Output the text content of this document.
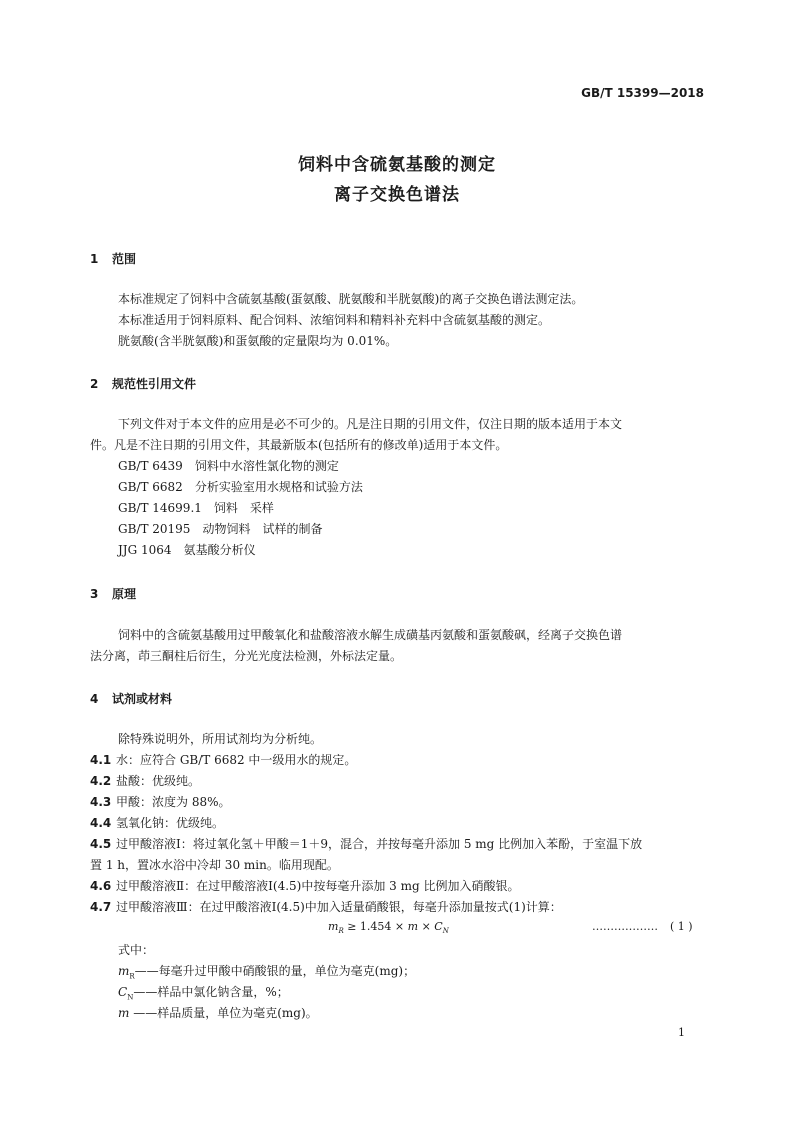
GB/T 15399—2018
饲料中含硫氨基酸的测定
离子交换色谱法
1 范围
本标准规定了饲料中含硫氨基酸(蛋氨酸、胱氨酸和半胱氨酸)的离子交换色谱法测定法。
本标准适用于饲料原料、配合饲料、浓缩饲料和精料补充料中含硫氨基酸的测定。
胱氨酸(含半胱氨酸)和蛋氨酸的定量限均为 0.01%。
2 规范性引用文件
下列文件对于本文件的应用是必不可少的。凡是注日期的引用文件，仅注日期的版本适用于本文
件。凡是不注日期的引用文件，其最新版本(包括所有的修改单)适用于本文件。
GB/T 6439　 饲料中水溶性氯化物的测定
GB/T 6682　 分析实验室用水规格和试验方法
GB/T 14699.1　 饲料　采样
GB/T 20195　 动物饲料　试样的制备
JJG 1064　 氨基酸分析仪
3 原理
饲料中的含硫氨基酸用过甲酸氧化和盐酸溶液水解生成磺基丙氨酸和蛋氨酸砜，经离子交换色谱
法分离，茚三酮柱后衍生，分光光度法检测，外标法定量。
4 试剂或材料
除特殊说明外，所用试剂均为分析纯。
4.1 水：应符合 GB/T 6682 中一级用水的规定。
4.2 盐酸：优级纯。
4.3 甲酸：浓度为 88%。
4.4 氢氧化钠：优级纯。
4.5 过甲酸溶液Ⅰ：将过氧化氢＋甲酸＝1＋9，混合，并按每毫升添加 5 mg 比例加入苯酚，于室温下放
置 1 h，置冰水浴中冷却 30 min。临用现配。
4.6 过甲酸溶液Ⅱ：在过甲酸溶液Ⅰ(4.5)中按每毫升添加 3 mg 比例加入硝酸银。
4.7 过甲酸溶液Ⅲ：在过甲酸溶液Ⅰ(4.5)中加入适量硝酸银，每毫升添加量按式(1)计算：
$m_R \ge 1.454 \times m \times C_N$	……………… ( 1 )
式中：
$m_R——$每毫升过甲酸中硝酸银的量，单位为毫克(mg)；
$C_N——$样品中氯化钠含量，%；
m ——样品质量，单位为毫克(mg)。
1
